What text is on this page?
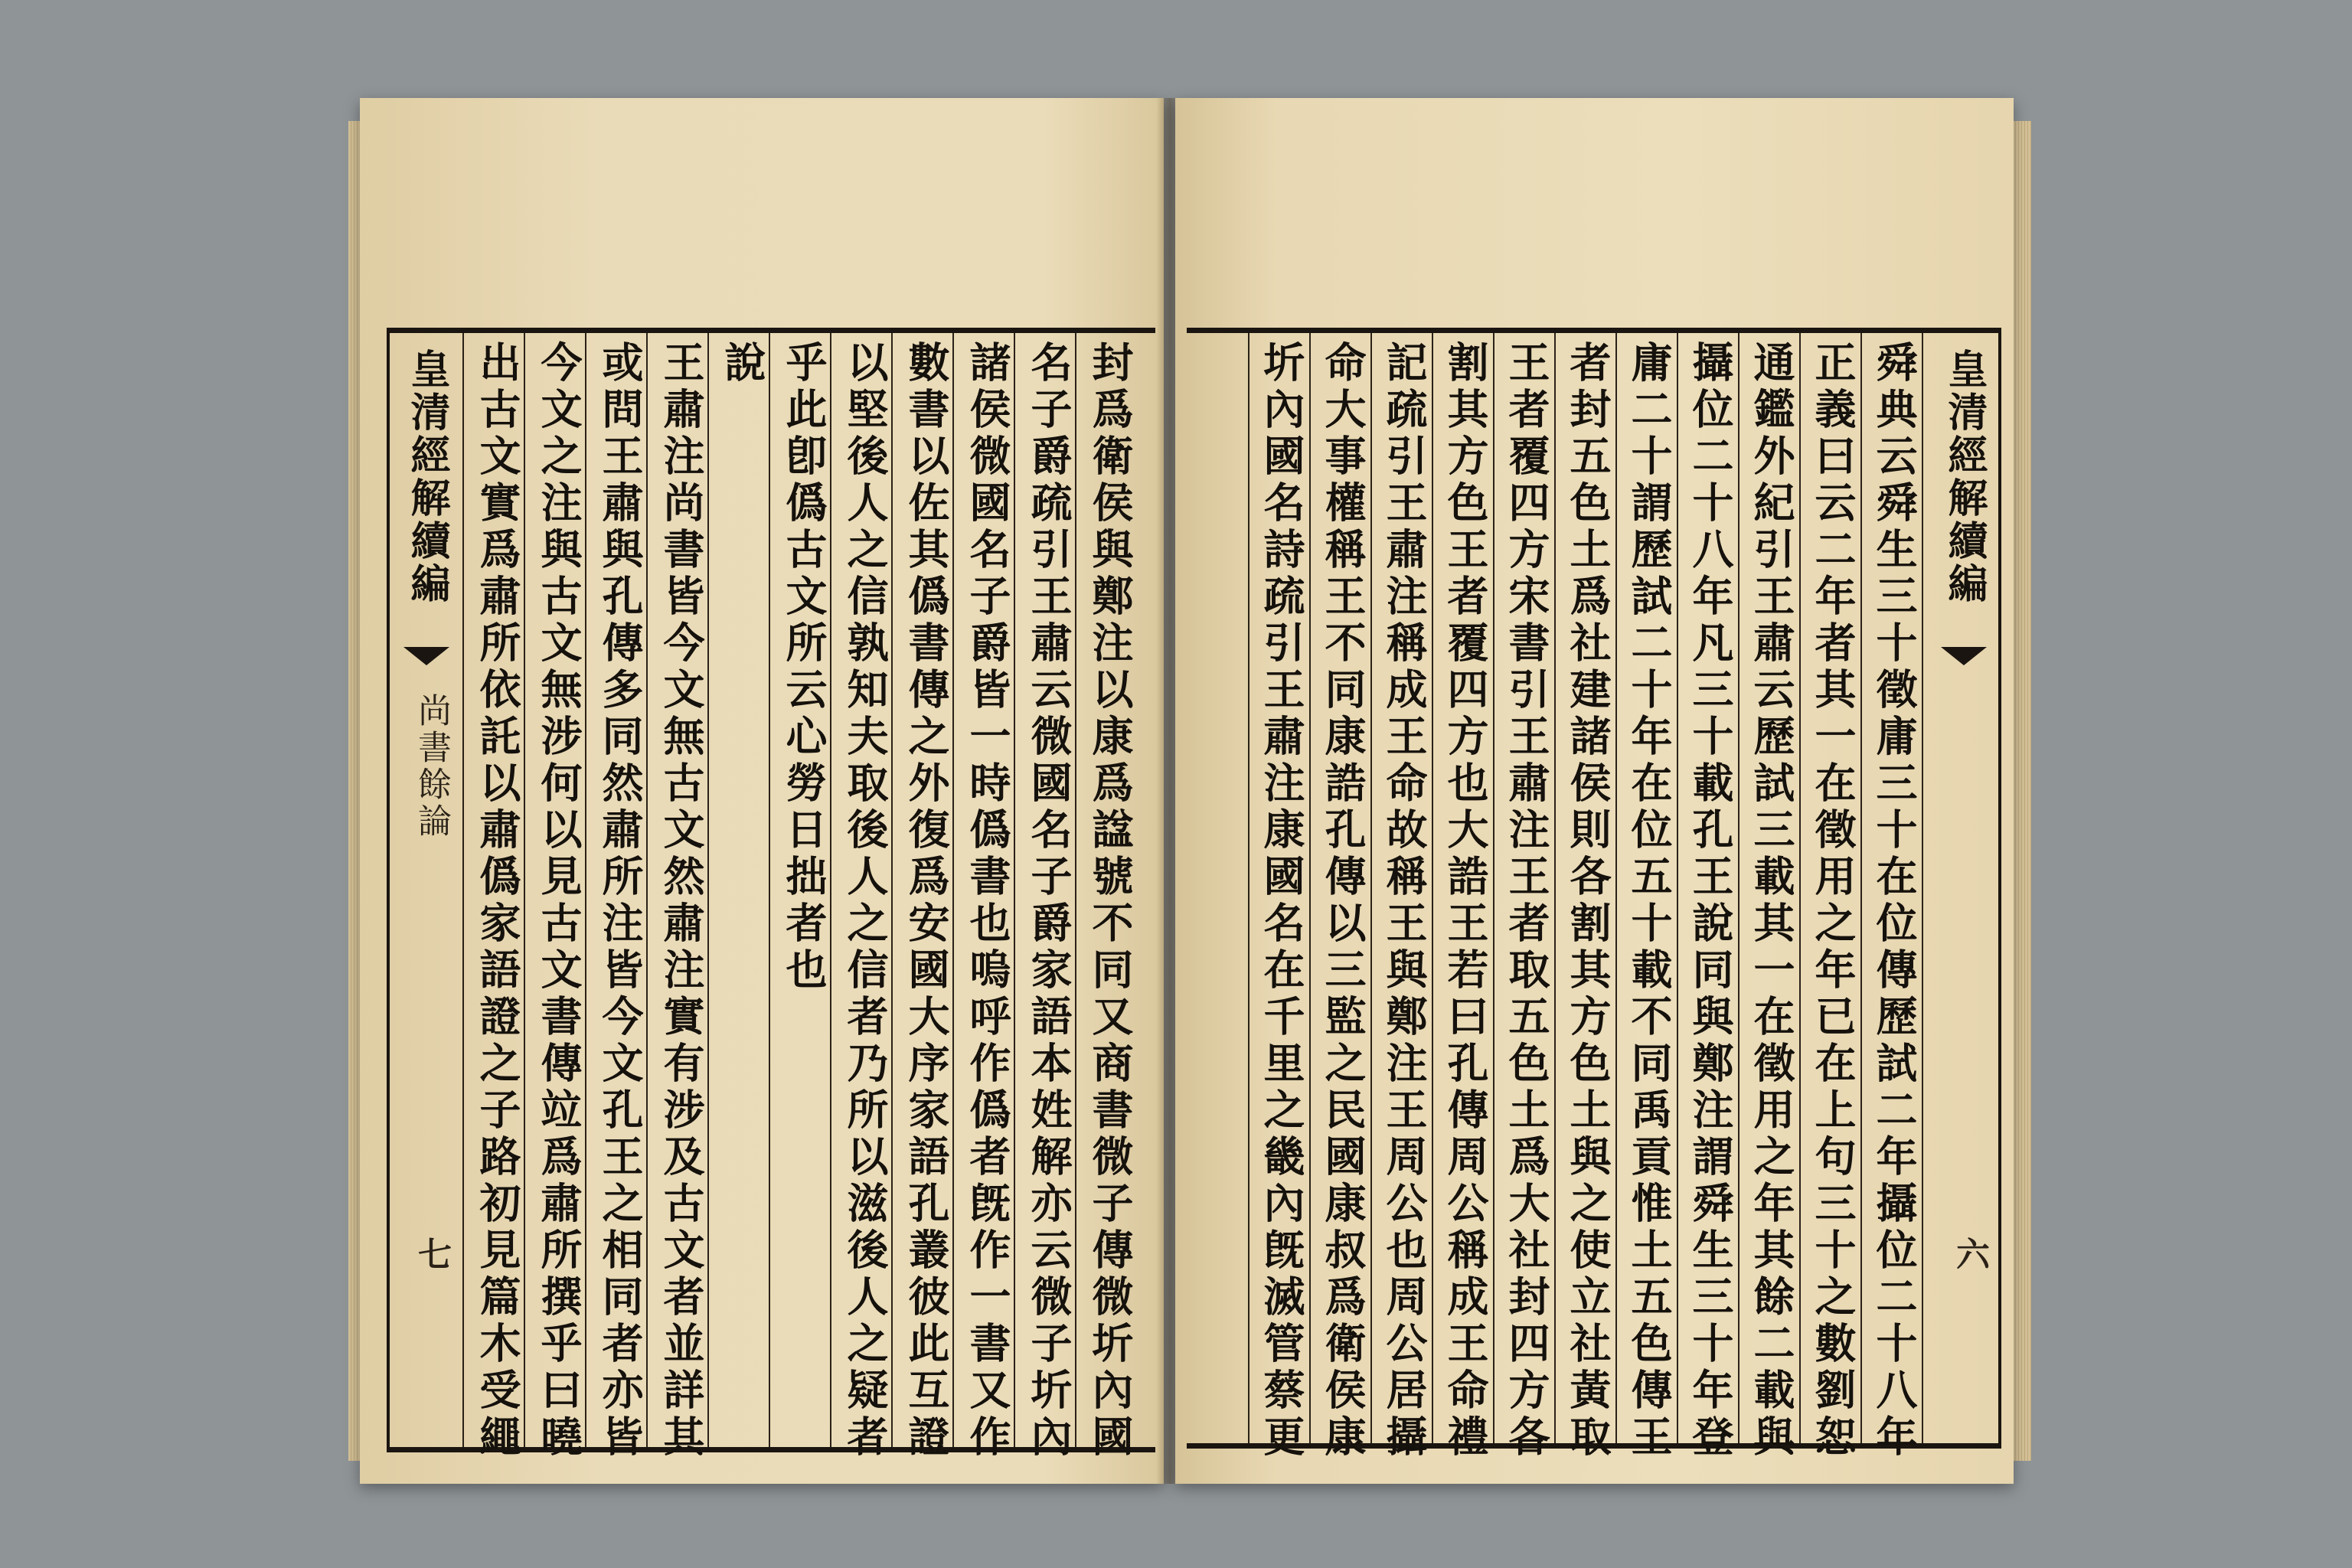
封爲衛侯與鄭注以康爲諡號不同又商書微子傳微圻內國
名子爵疏引王肅云微國名子爵家語本姓解亦云微子圻內
諸侯微國名子爵皆一時僞書也嗚呼作僞者旣作一書又作
數書以佐其僞書傳之外復爲安國大序家語孔叢彼此互證
以堅後人之信孰知夫取後人之信者乃所以滋後人之疑者
乎此卽僞古文所云心勞日拙者也
說
王肅注尚書皆今文無古文然肅注實有涉及古文者並詳其
或問王肅與孔傳多同然肅所注皆今文孔王之相同者亦皆
今文之注與古文無涉何以見古文書傳竝爲肅所撰乎曰曉
出古文實爲肅所依託以肅僞家語證之子路初見篇木受繩
皇清經解續編
尚書餘論
七	舜典云舜生三十徵庸三十在位傳歷試二年攝位二十八年
正義曰云二年者其一在徵用之年已在上句三十之數劉恕
通鑑外紀引王肅云歷試三載其一在徵用之年其餘二載與
攝位二十八年凡三十載孔王說同與鄭注謂舜生三十年登
庸二十謂歷試二十年在位五十載不同禹貢惟土五色傳王
者封五色土爲社建諸侯則各割其方色土與之使立社黃取
王者覆四方宋書引王肅注王者取五色土爲大社封四方各
割其方色王者覆四方也大誥王若曰孔傳周公稱成王命禮
記疏引王肅注稱成王命故稱王與鄭注王周公也周公居攝
命大事權稱王不同康誥孔傳以三監之民國康叔爲衛侯康
圻內國名詩疏引王肅注康國名在千里之畿內旣滅管蔡更	皇清經解續編
六
